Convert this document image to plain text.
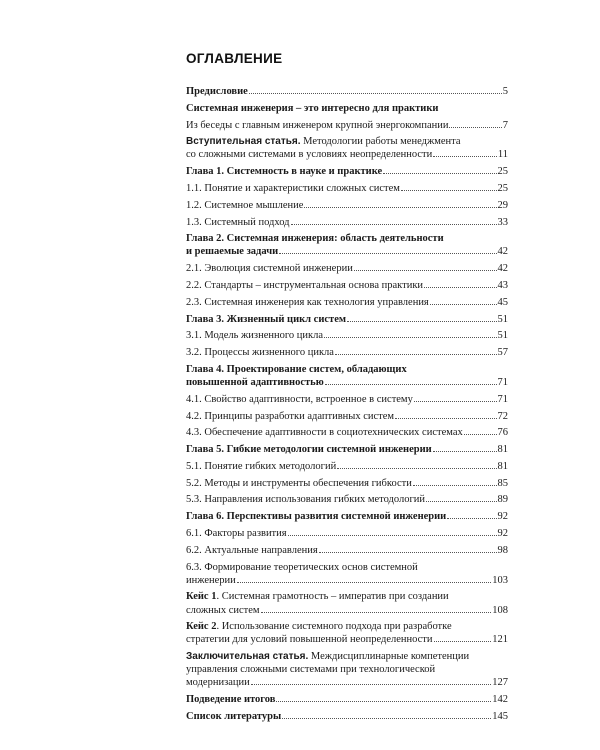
ОГЛАВЛЕНИЕ
Предисловие	5
Системная инженерия – это интересно для практики
Из беседы с главным инженером крупной энергокомпании	7
Вступительная статья. Методологии работы менеджмента
со сложными системами в условиях неопределенности	11
Глава 1. Системность в науке и практике	25
1.1. Понятие и характеристики сложных систем	25
1.2. Системное мышление	29
1.3. Системный подход	33
Глава 2. Системная инженерия: область деятельности
и решаемые задачи	42
2.1. Эволюция системной инженерии	42
2.2. Стандарты – инструментальная основа практики	43
2.3. Системная инженерия как технология управления	45
Глава 3. Жизненный цикл систем	51
3.1. Модель жизненного цикла	51
3.2. Процессы жизненного цикла	57
Глава 4. Проектирование систем, обладающих
повышенной адаптивностью	71
4.1. Свойство адаптивности, встроенное в систему	71
4.2. Принципы разработки адаптивных систем	72
4.3. Обеспечение адаптивности в социотехнических системах	76
Глава 5. Гибкие методологии системной инженерии	81
5.1. Понятие гибких методологий	81
5.2. Методы и инструменты обеспечения гибкости	85
5.3. Направления использования гибких методологий	89
Глава 6. Перспективы развития системной инженерии	92
6.1. Факторы развития	92
6.2. Актуальные направления	98
6.3. Формирование теоретических основ системной
инженерии	103
Кейс 1. Системная грамотность – императив при создании
сложных систем	108
Кейс 2. Использование системного подхода при разработке
стратегии для условий повышенной неопределенности	121
Заключительная статья. Междисциплинарные компетенции
управления сложными системами при технологической
модернизации	127
Подведение итогов	142
Список литературы	145
